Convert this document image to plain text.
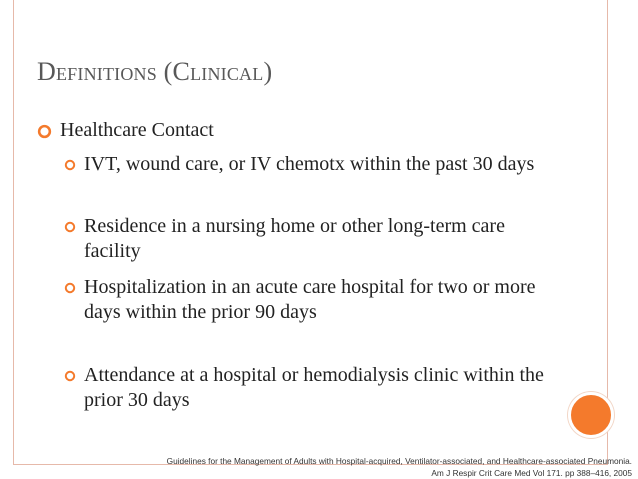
Definitions (Clinical)
Healthcare Contact
IVT, wound care, or IV chemotx within the past 30 days
Residence in a nursing home or other long-term care facility
Hospitalization in an acute care hospital for two or more days within the prior 90 days
Attendance at a hospital or hemodialysis clinic within the prior 30 days
Guidelines for the Management of Adults with Hospital-acquired, Ventilator-associated, and Healthcare-associated Pneumonia.
Am J Respir Crit Care Med Vol 171. pp 388–416, 2005
